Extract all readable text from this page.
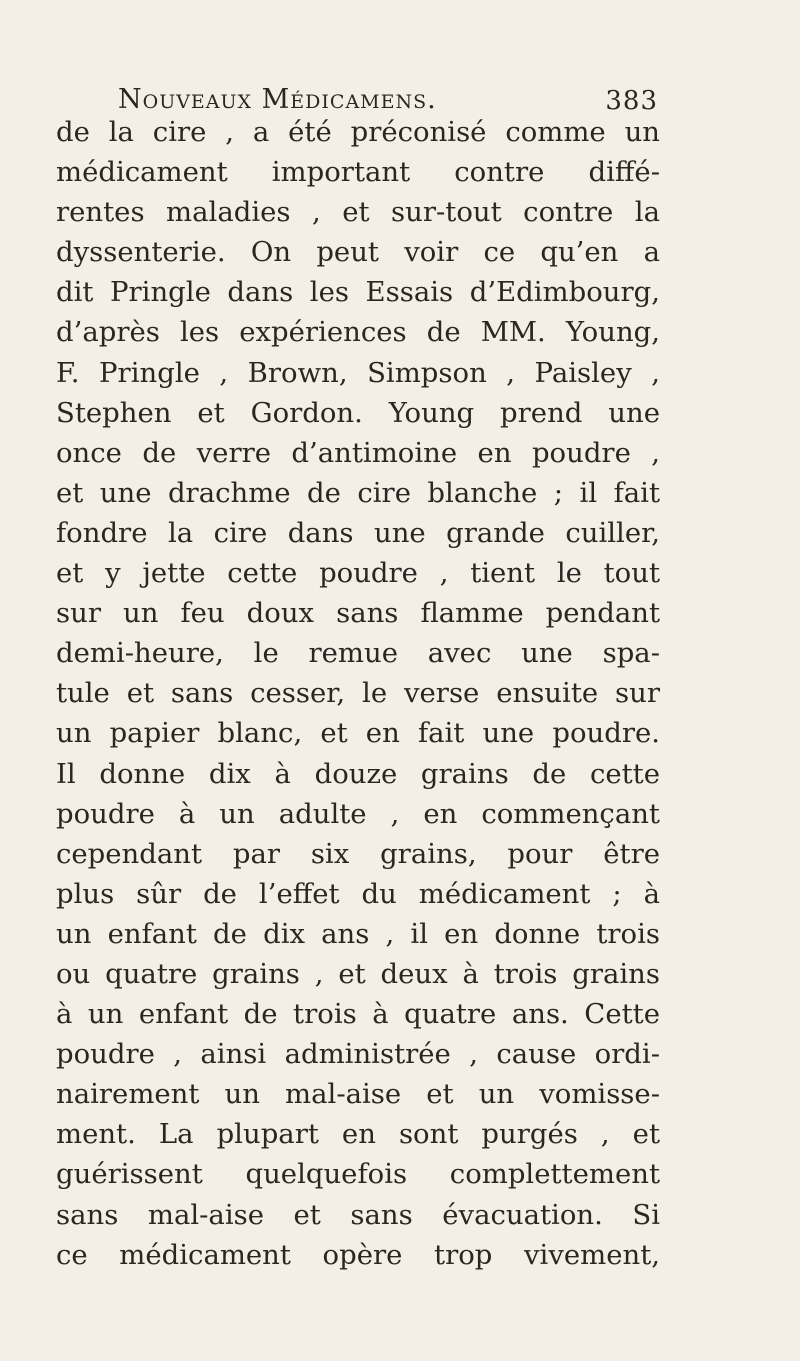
Nouveaux Médicamens.	383
de la cire , a été préconisé comme un
médicament important contre diffé-
rentes maladies , et sur-tout contre la
dyssenterie. On peut voir ce qu’en a
dit Pringle dans les Essais d’Edimbourg,
d’après les expériences de MM. Young,
F. Pringle , Brown, Simpson , Paisley ,
Stephen et Gordon. Young prend une
once de verre d’antimoine en poudre ,
et une drachme de cire blanche ; il fait
fondre la cire dans une grande cuiller,
et y jette cette poudre , tient le tout
sur un feu doux sans flamme pendant
demi-heure, le remue avec une spa-
tule et sans cesser, le verse ensuite sur
un papier blanc, et en fait une poudre.
Il donne dix à douze grains de cette
poudre à un adulte , en commençant
cependant par six grains, pour être
plus sûr de l’effet du médicament ; à
un enfant de dix ans , il en donne trois
ou quatre grains , et deux à trois grains
à un enfant de trois à quatre ans. Cette
poudre , ainsi administrée , cause ordi-
nairement un mal-aise et un vomisse-
ment. La plupart en sont purgés , et
guérissent quelquefois complettement
sans mal-aise et sans évacuation. Si
ce médicament opère trop vivement,
